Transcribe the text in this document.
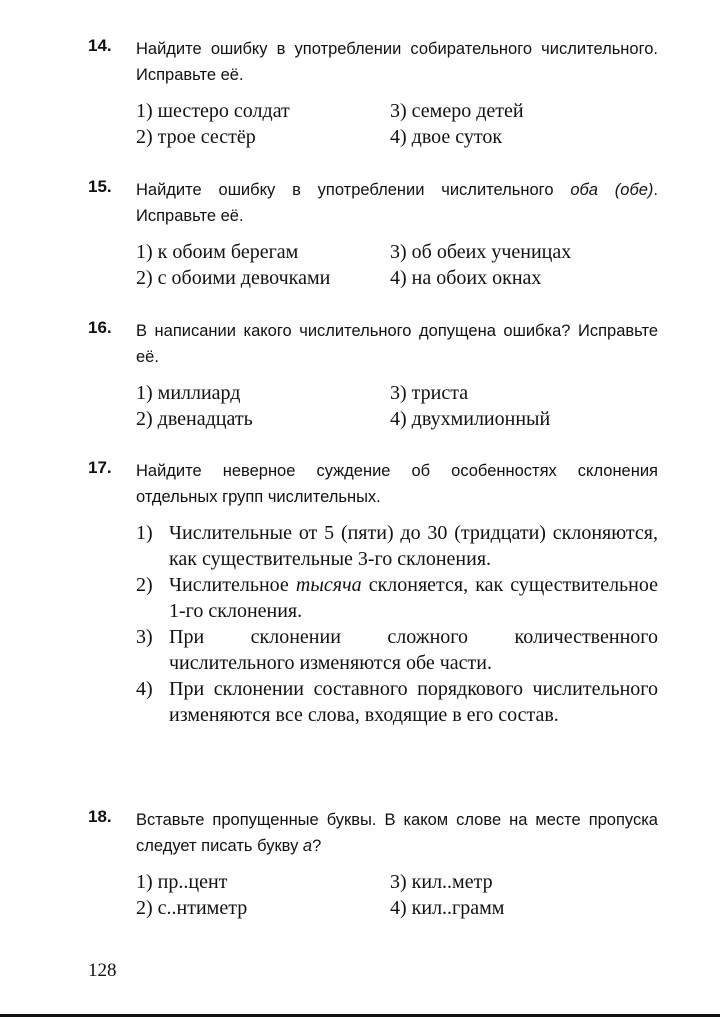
14. Найдите ошибку в употреблении собирательного числительного. Исправьте её.
1) шестеро солдат	3) семеро детей
2) трое сестёр	4) двое суток
15. Найдите ошибку в употреблении числительного оба (обе). Исправьте её.
1) к обоим берегам	3) об обеих ученицах
2) с обоими девочками	4) на обоих окнах
16. В написании какого числительного допущена ошибка? Исправьте её.
1) миллиард	3) триста
2) двенадцать	4) двухмилионный
17. Найдите неверное суждение об особенностях склонения отдельных групп числительных.
1) Числительные от 5 (пяти) до 30 (тридцати) склоняются, как существительные 3-го склонения.
2) Числительное тысяча склоняется, как существительное 1-го склонения.
3) При склонении сложного количественного числительного изменяются обе части.
4) При склонении составного порядкового числительного изменяются все слова, входящие в его состав.
18. Вставьте пропущенные буквы. В каком слове на месте пропуска следует писать букву а?
1) пр..цент	3) кил..метр
2) с..нтиметр	4) кил..грамм
128
